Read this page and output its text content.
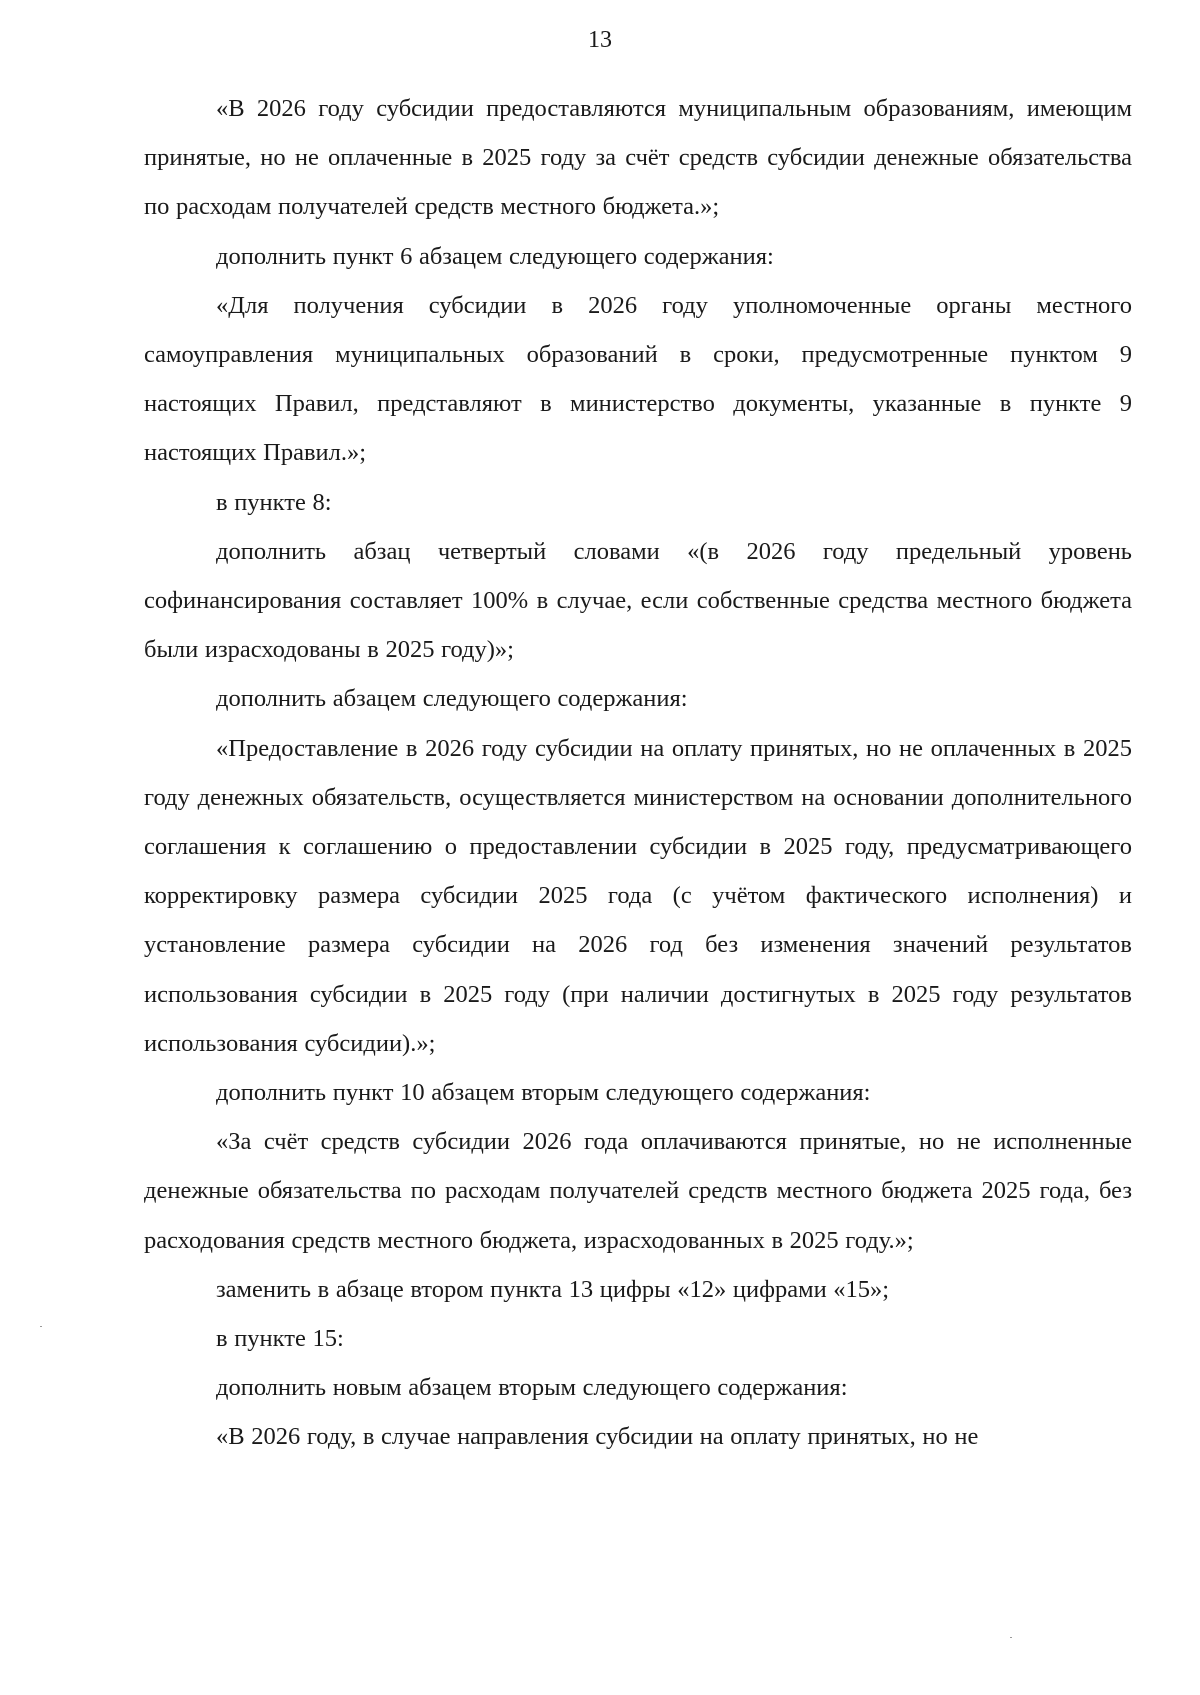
13

«В 2026 году субсидии предоставляются муниципальным образованиям, имеющим принятые, но не оплаченные в 2025 году за счёт средств субсидии денежные обязательства по расходам получателей средств местного бюджета.»;

дополнить пункт 6 абзацем следующего содержания:

«Для получения субсидии в 2026 году уполномоченные органы местного самоуправления муниципальных образований в сроки, предусмотренные пунктом 9 настоящих Правил, представляют в министерство документы, указанные в пункте 9 настоящих Правил.»;

в пункте 8:

дополнить абзац четвертый словами «(в 2026 году предельный уровень софинансирования составляет 100% в случае, если собственные средства местного бюджета были израсходованы в 2025 году)»;

дополнить абзацем следующего содержания:

«Предоставление в 2026 году субсидии на оплату принятых, но не оплаченных в 2025 году денежных обязательств, осуществляется министерством на основании дополнительного соглашения к соглашению о предоставлении субсидии в 2025 году, предусматривающего корректировку размера субсидии 2025 года (с учётом фактического исполнения) и установление размера субсидии на 2026 год без изменения значений результатов использования субсидии в 2025 году (при наличии достигнутых в 2025 году результатов использования субсидии).»;

дополнить пункт 10 абзацем вторым следующего содержания:

«За счёт средств субсидии 2026 года оплачиваются принятые, но не исполненные денежные обязательства по расходам получателей средств местного бюджета 2025 года, без расходования средств местного бюджета, израсходованных в 2025 году.»;

заменить в абзаце втором пункта 13 цифры «12» цифрами «15»;

в пункте 15:

дополнить новым абзацем вторым следующего содержания:

«В 2026 году, в случае направления субсидии на оплату принятых, но не
